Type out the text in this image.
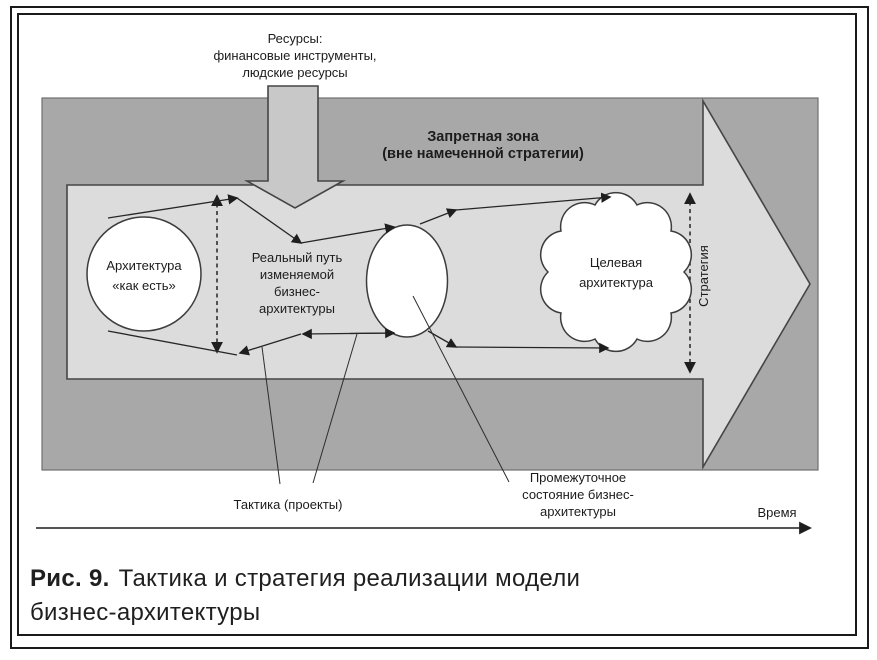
Запретная зона
(вне намеченной стратегии)
Ресурсы:
финансовые инструменты,
людские ресурсы
Стратегия
Архитектура
«как есть»
Реальный путь
изменяемой
бизнес-
архитектуры
Целевая
архитектура
Тактика (проекты)
Промежуточное
состояние бизнес-
архитектуры	Время
Рис. 9. Тактика и стратегия реализации модели
бизнес-архитектуры
